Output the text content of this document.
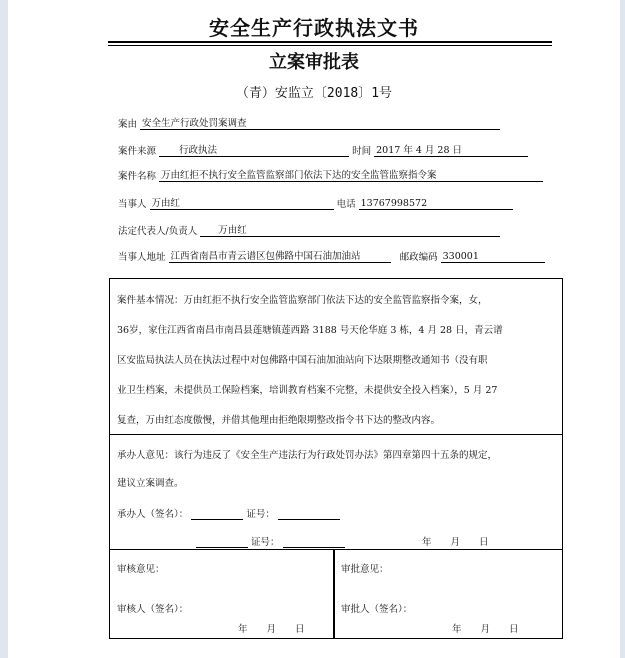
安全生产行政执法文书
立案审批表
（青）安监立〔2018〕1号
案由 安全生产行政处罚案调查
案件来源 行政执法	时间 2017 年 4 月 28 日
案件名称 万由红拒不执行安全监管监察部门依法下达的安全监管监察指令案
当事人 万由红	电话 13767998572
法定代表人/负责人 万由红
当事人地址 江西省南昌市青云谱区包佛路中国石油加油站	邮政编码 330001
案件基本情况：万由红拒不执行安全监管监察部门依法下达的安全监管监察指令案，女，
36岁，家住江西省南昌市南昌县莲塘镇莲西路 3188 号天伦华庭 3 栋，4 月 28 日，青云谱
区安监局执法人员在执法过程中对包佛路中国石油加油站向下达限期整改通知书（没有职
业卫生档案，未提供员工保险档案，培训教育档案不完整，未提供安全投入档案），5 月 27
复查，万由红态度傲慢，并借其他理由拒绝限期整改指令书下达的整改内容。
承办人意见：该行为违反了《安全生产违法行为行政处罚办法》第四章第四十五条的规定，
建议立案调查。
承办人（签名）：	证号：
证号：	年　　月　　日
审核意见：
审核人（签名）：
年　　月　　日
审批意见：
审批人（签名）：
年　　月　　日
